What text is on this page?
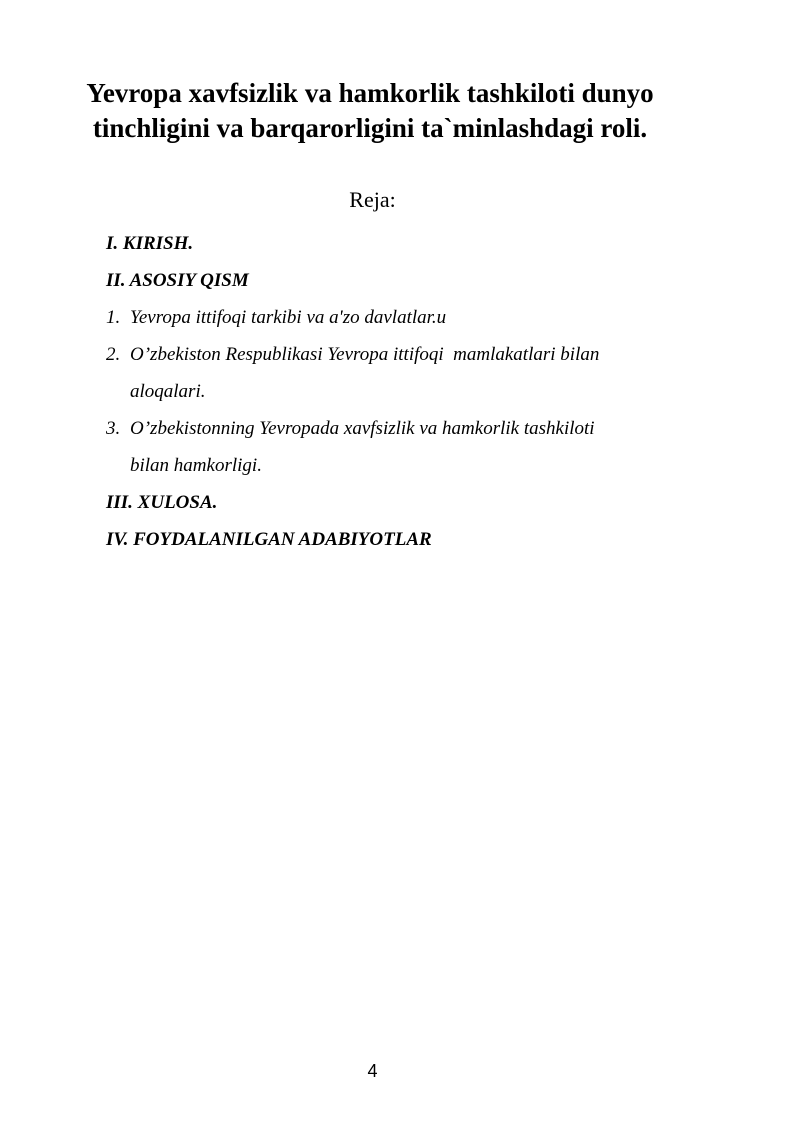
Yevropa xavfsizlik va hamkorlik tashkiloti dunyo
tinchligini va barqarorligini ta`minlashdagi roli.
Reja:
I. KIRISH.
II. ASOSIY QISM
1. Yevropa ittifoqi tarkibi va a'zo davlatlar.u
2. O’zbekiston Respublikasi Yevropa ittifoqi  mamlakatlari bilan
aloqalari.
3. O’zbekistonning Yevropada xavfsizlik va hamkorlik tashkiloti
bilan hamkorligi.
III. XULOSA.
IV. FOYDALANILGAN ADABIYOTLAR
4
